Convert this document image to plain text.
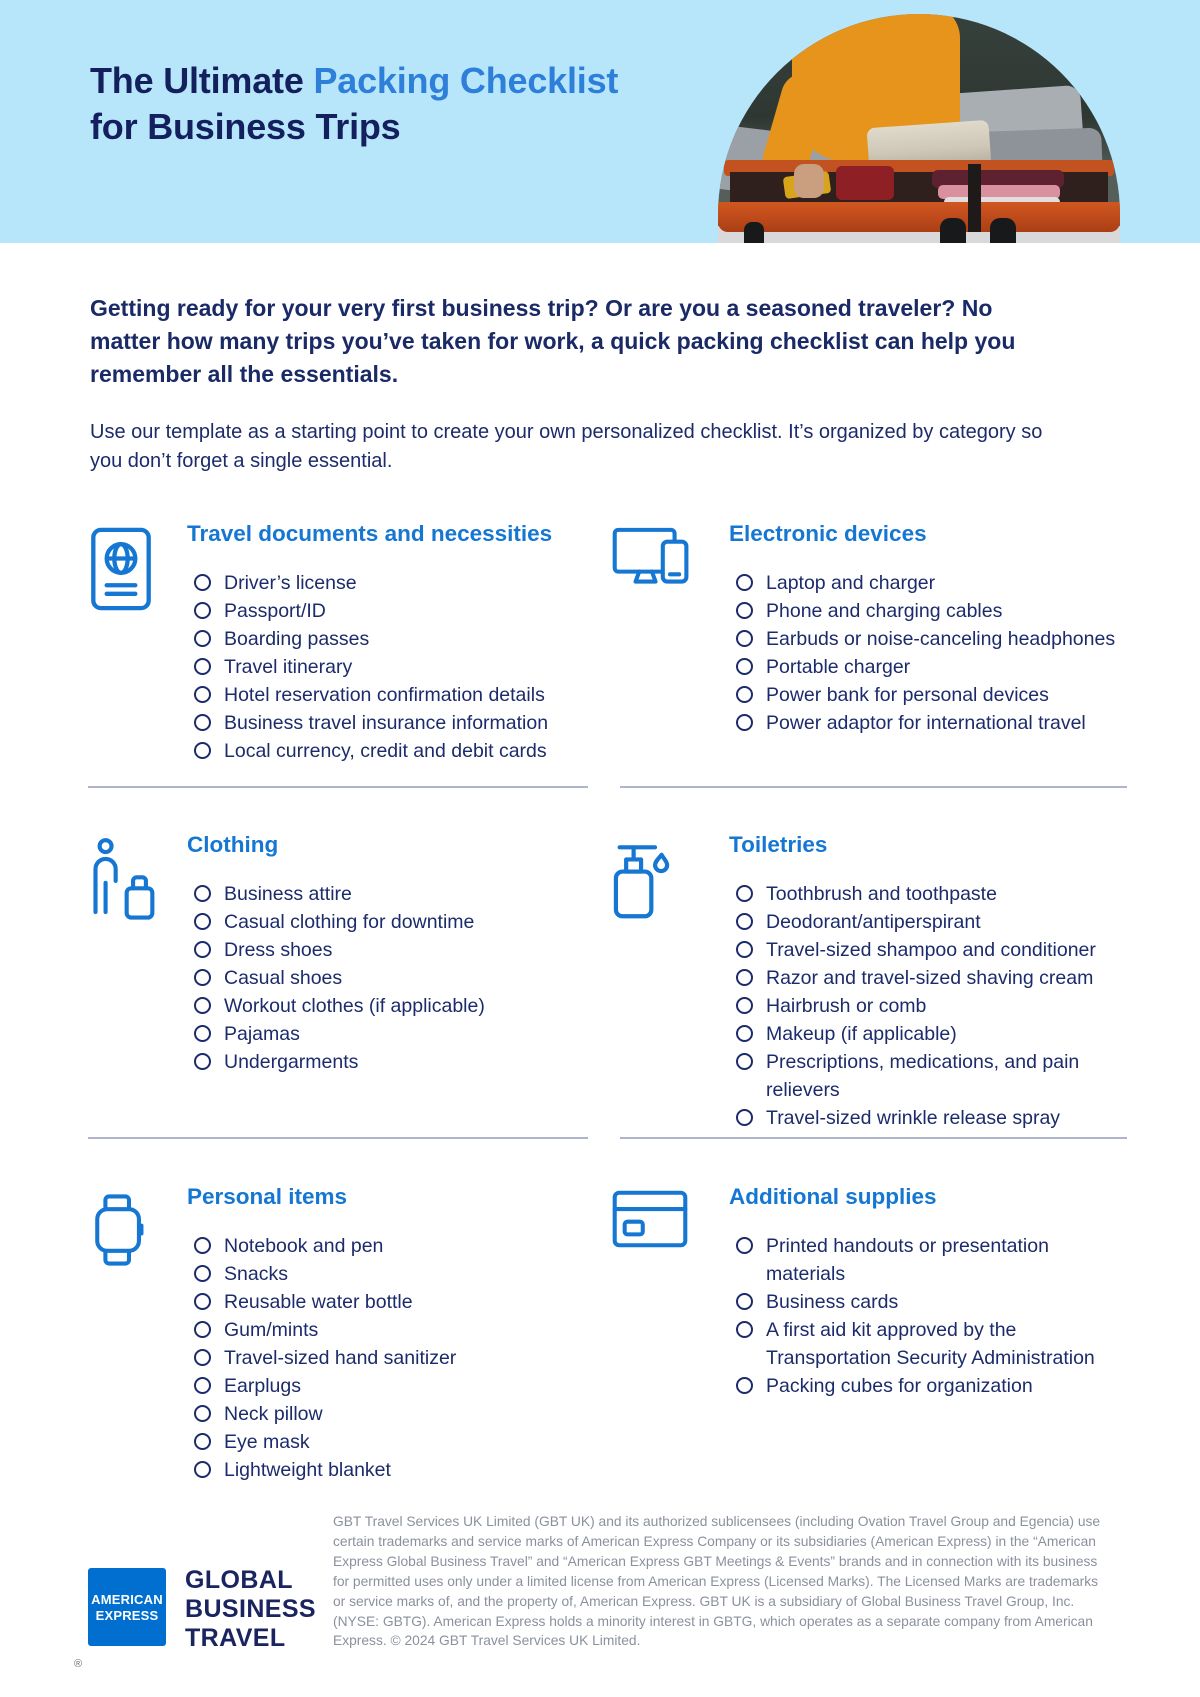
The Ultimate Packing Checklist
for Business Trips

Getting ready for your very first business trip? Or are you a seasoned traveler? No matter how many trips you’ve taken for work, a quick packing checklist can help you remember all the essentials.

Use our template as a starting point to create your own personalized checklist. It’s organized by category so you don’t forget a single essential.

Travel documents and necessities
Driver’s license
Passport/ID
Boarding passes
Travel itinerary
Hotel reservation confirmation details
Business travel insurance information
Local currency, credit and debit cards
Electronic devices
Laptop and charger
Phone and charging cables
Earbuds or noise-canceling headphones
Portable charger
Power bank for personal devices
Power adaptor for international travel
Clothing
Business attire
Casual clothing for downtime
Dress shoes
Casual shoes
Workout clothes (if applicable)
Pajamas
Undergarments
Toiletries
Toothbrush and toothpaste
Deodorant/antiperspirant
Travel-sized shampoo and conditioner
Razor and travel-sized shaving cream
Hairbrush or comb
Makeup (if applicable)
Prescriptions, medications, and pain relievers
Travel-sized wrinkle release spray
Personal items
Notebook and pen
Snacks
Reusable water bottle
Gum/mints
Travel-sized hand sanitizer
Earplugs
Neck pillow
Eye mask
Lightweight blanket
Additional supplies
Printed handouts or presentation materials
Business cards
A first aid kit approved by the Transportation Security Administration
Packing cubes for organization

GBT Travel Services UK Limited (GBT UK) and its authorized sublicensees (including Ovation Travel Group and Egencia) use certain trademarks and service marks of American Express Company or its subsidiaries (American Express) in the “American Express Global Business Travel” and “American Express GBT Meetings & Events” brands and in connection with its business for permitted uses only under a limited license from American Express (Licensed Marks). The Licensed Marks are trademarks or service marks of, and the property of, American Express. GBT UK is a subsidiary of Global Business Travel Group, Inc. (NYSE: GBTG). American Express holds a minority interest in GBTG, which operates as a separate company from American Express. © 2024 GBT Travel Services UK Limited.

AMERICAN
EXPRESS
®
GLOBAL
BUSINESS
TRAVEL
